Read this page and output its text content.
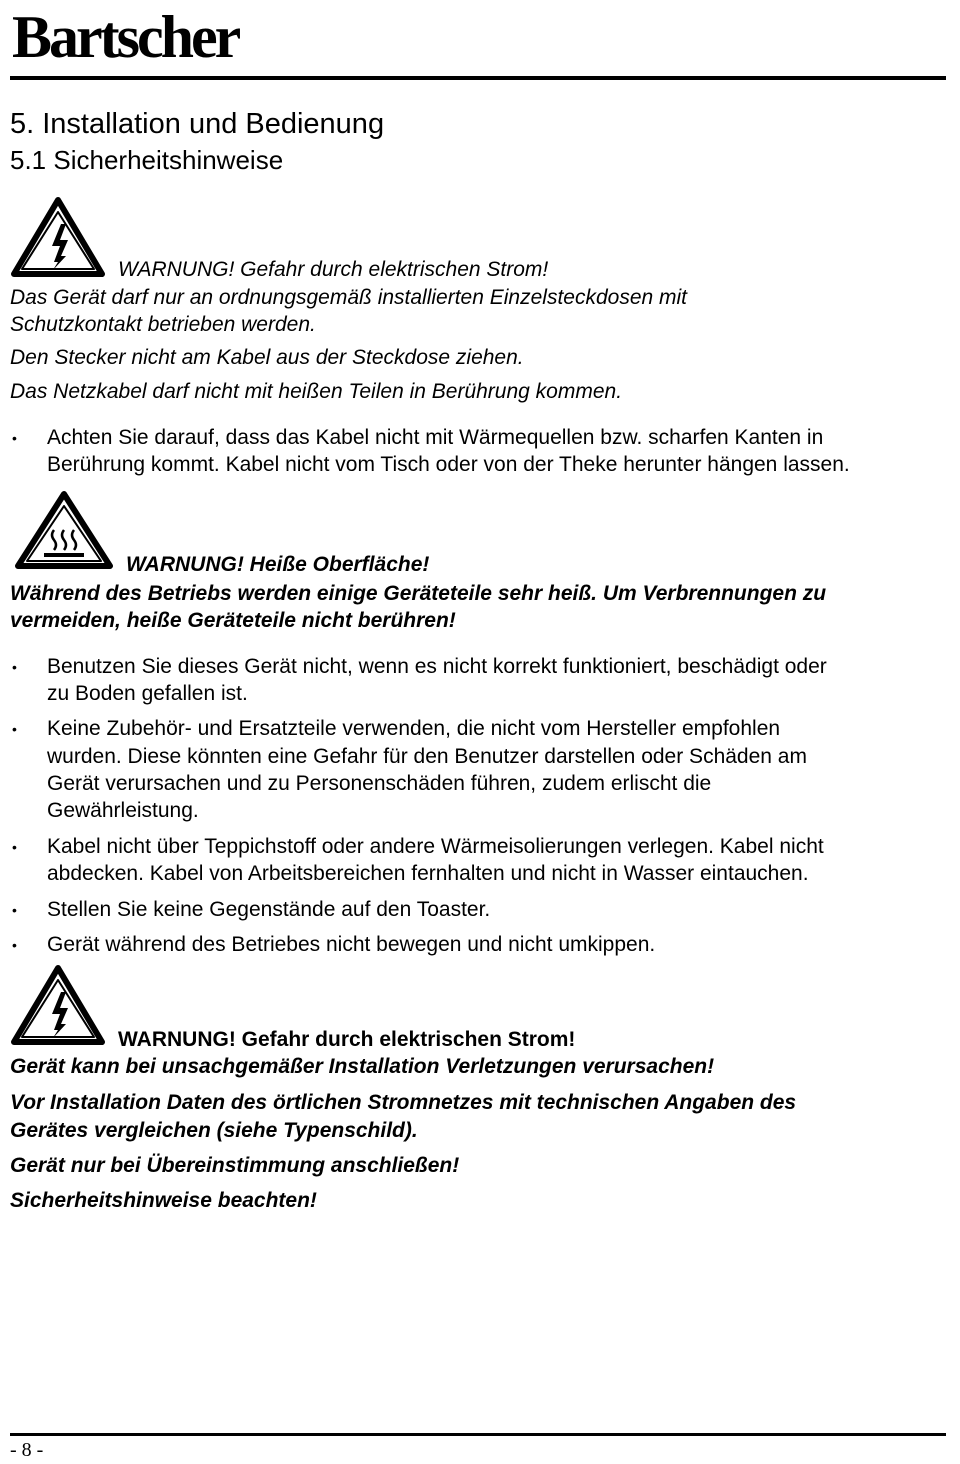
Bartscher
5. Installation und Bedienung
5.1 Sicherheitshinweise
WARNUNG! Gefahr durch elektrischen Strom!
Das Gerät darf nur an ordnungsgemäß installierten Einzelsteckdosen mit
Schutzkontakt betrieben werden.
Den Stecker nicht am Kabel aus der Steckdose ziehen.
Das Netzkabel darf nicht mit heißen Teilen in Berührung kommen.
• Achten Sie darauf, dass das Kabel nicht mit Wärmequellen bzw. scharfen Kanten in
Berührung kommt. Kabel nicht vom Tisch oder von der Theke herunter hängen lassen.
WARNUNG! Heiße Oberfläche!
Während des Betriebs werden einige Geräteteile sehr heiß. Um Verbrennungen zu
vermeiden, heiße Geräteteile nicht berühren!
• Benutzen Sie dieses Gerät nicht, wenn es nicht korrekt funktioniert, beschädigt oder
zu Boden gefallen ist.
• Keine Zubehör- und Ersatzteile verwenden, die nicht vom Hersteller empfohlen
wurden. Diese könnten eine Gefahr für den Benutzer darstellen oder Schäden am
Gerät verursachen und zu Personenschäden führen, zudem erlischt die
Gewährleistung.
• Kabel nicht über Teppichstoff oder andere Wärmeisolierungen verlegen. Kabel nicht
abdecken. Kabel von Arbeitsbereichen fernhalten und nicht in Wasser eintauchen.
• Stellen Sie keine Gegenstände auf den Toaster.
• Gerät während des Betriebes nicht bewegen und nicht umkippen.
WARNUNG! Gefahr durch elektrischen Strom!
Gerät kann bei unsachgemäßer Installation Verletzungen verursachen!
Vor Installation Daten des örtlichen Stromnetzes mit technischen Angaben des
Gerätes vergleichen (siehe Typenschild).
Gerät nur bei Übereinstimmung anschließen!
Sicherheitshinweise beachten!
- 8 -
